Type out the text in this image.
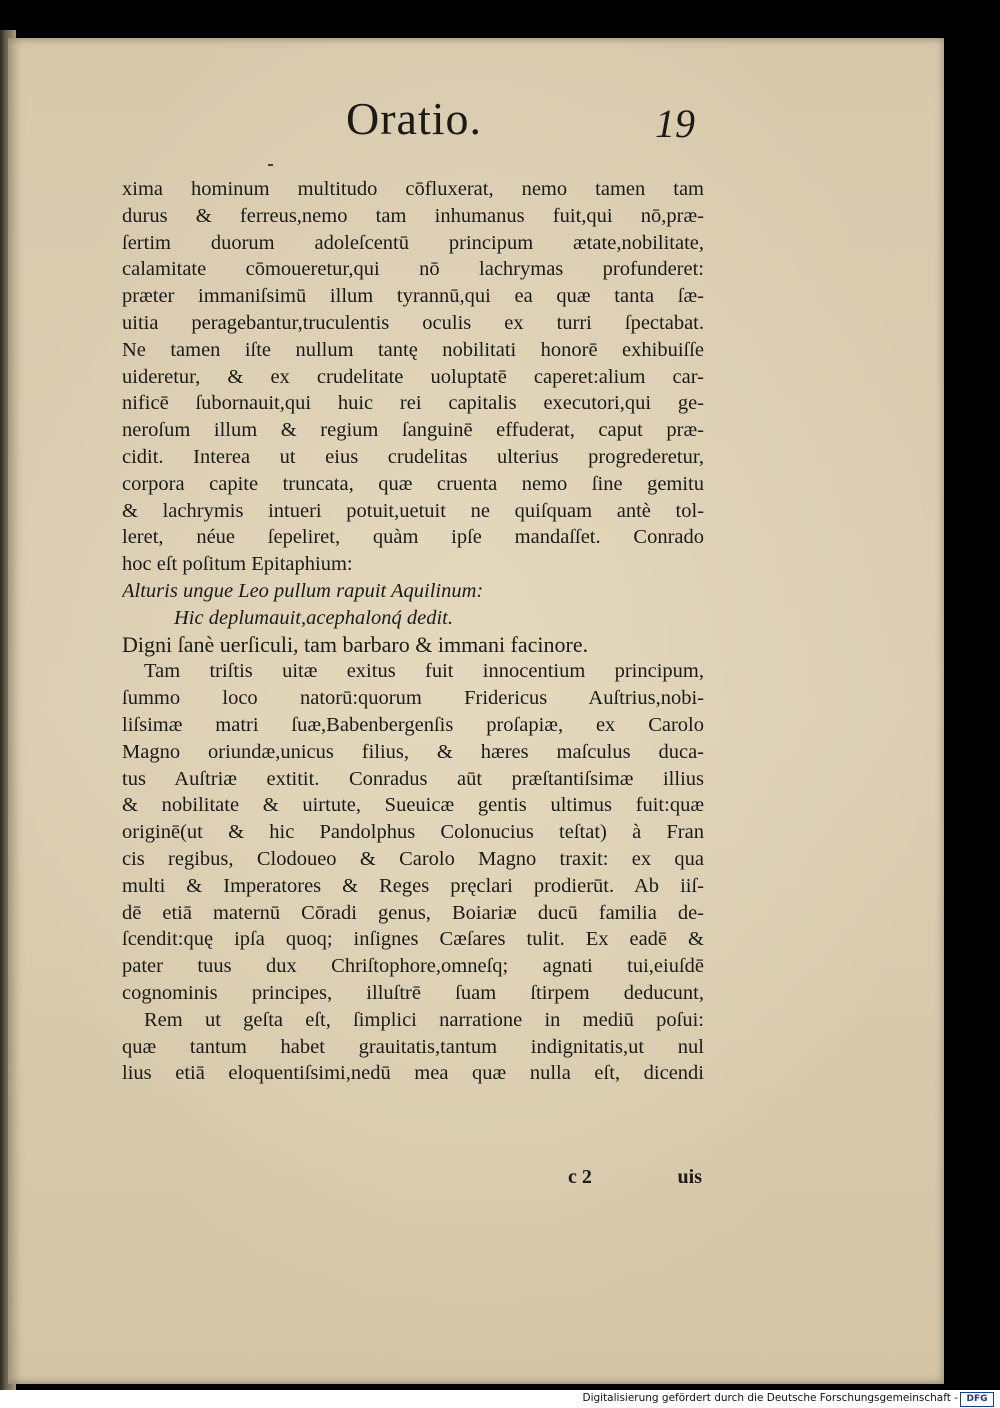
Oratio.	19
xima hominum multitudo cōfluxerat, nemo tamen tam
durus & ferreus,nemo tam inhumanus fuit,qui nō,præ-
ſertim duorum adoleſcentū principum ætate,nobilitate,
calamitate cōmoueretur,qui nō lachrymas profunderet:
præter immaniſsimū illum tyrannū,qui ea quæ tanta ſæ-
uitia peragebantur,truculentis oculis ex turri ſpectabat.
Ne tamen iſte nullum tantę nobilitati honorē exhibuiſſe
uideretur, & ex crudelitate uoluptatē caperet:alium car-
nificē ſubornauit,qui huic rei capitalis executori,qui ge-
neroſum illum & regium ſanguinē effuderat, caput præ-
cidit. Interea ut eius crudelitas ulterius progrederetur,
corpora capite truncata, quæ cruenta nemo ſine gemitu
& lachrymis intueri potuit,uetuit ne quiſquam antè tol-
leret, néue ſepeliret, quàm ipſe mandaſſet. Conrado
hoc eſt poſitum Epitaphium:
Alturis ungue Leo pullum rapuit Aquilinum:
Hic deplumauit,acephalonq́ dedit.
Digni ſanè uerſiculi, tam barbaro & immani facinore.
Tam triſtis uitæ exitus fuit innocentium principum,
ſummo loco natorū:quorum Fridericus Auſtrius,nobi-
liſsimæ matri ſuæ,Babenbergenſis proſapiæ, ex Carolo
Magno oriundæ,unicus filius, & hæres maſculus duca-
tus Auſtriæ extitit. Conradus aūt præſtantiſsimæ illius
& nobilitate & uirtute, Sueuicæ gentis ultimus fuit:quæ
originē(ut & hic Pandolphus Colonucius teſtat) à Fran
cis regibus, Clodoueo & Carolo Magno traxit: ex qua
multi & Imperatores & Reges pręclari prodierūt. Ab iiſ-
dē etiā maternū Cōradi genus, Boiariæ ducū familia de-
ſcendit:quę ipſa quoq; inſignes Cæſares tulit. Ex eadē &
pater tuus dux Chriſtophore,omneſq; agnati tui,eiuſdē
cognominis principes, illuſtrē ſuam ſtirpem deducunt,
Rem ut geſta eſt, ſimplici narratione in mediū poſui:
quæ tantum habet grauitatis,tantum indignitatis,ut nul
lius etiā eloquentiſsimi,nedū mea quæ nulla eſt, dicendi
c 2	uis
Digitalisierung gefördert durch die Deutsche Forschungsgemeinschaft - DFG
